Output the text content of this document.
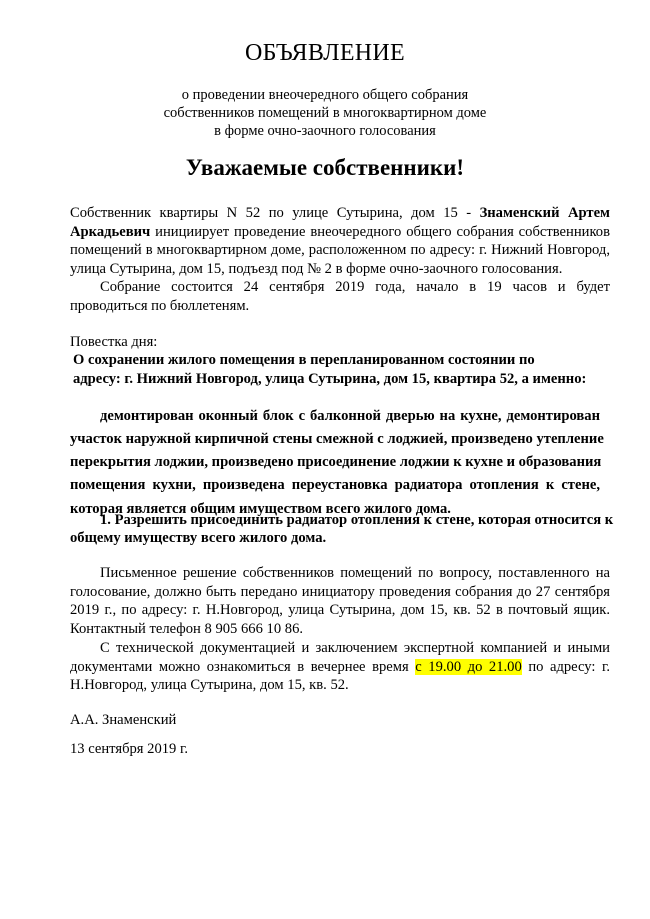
ОБЪЯВЛЕНИЕ
о проведении внеочередного общего собрания
собственников помещений в многоквартирном доме
в форме очно-заочного голосования
Уважаемые собственники!
Собственник квартиры N 52 по улице Сутырина, дом 15 - Знаменский Артем
Аркадьевич инициирует проведение внеочередного общего собрания собственников
помещений в многоквартирном доме, расположенном по адресу: г. Нижний Новгород,
улица Сутырина, дом 15, подъезд под № 2 в форме очно-заочного голосования.
Собрание состоится 24 сентября 2019 года, начало в 19 часов и будет
проводиться по бюллетеням.
Повестка дня:
О сохранении жилого помещения в перепланированном состоянии по
адресу: г. Нижний Новгород, улица Сутырина, дом 15, квартира 52, а именно:
демонтирован оконный блок с балконной дверью на кухне, демонтирован
участок наружной кирпичной стены смежной с лоджией, произведено утепление
перекрытия лоджии, произведено присоединение лоджии к кухне и образования
помещения кухни, произведена переустановка радиатора отопления к стене,
которая является общим имуществом всего жилого дома.
1. Разрешить присоединить радиатор отопления к стене, которая относится к
общему имуществу всего жилого дома.
Письменное решение собственников помещений по вопросу, поставленного на
голосование, должно быть передано инициатору проведения собрания до 27 сентября
2019 г., по адресу: г. Н.Новгород, улица Сутырина, дом 15, кв. 52 в почтовый ящик.
Контактный телефон 8 905 666 10 86.
С технической документацией и заключением экспертной компанией и иными
документами можно ознакомиться в вечернее время с 19.00 до 21.00 по адресу: г.
Н.Новгород, улица Сутырина, дом 15, кв. 52.
А.А. Знаменский
13 сентября 2019 г.
